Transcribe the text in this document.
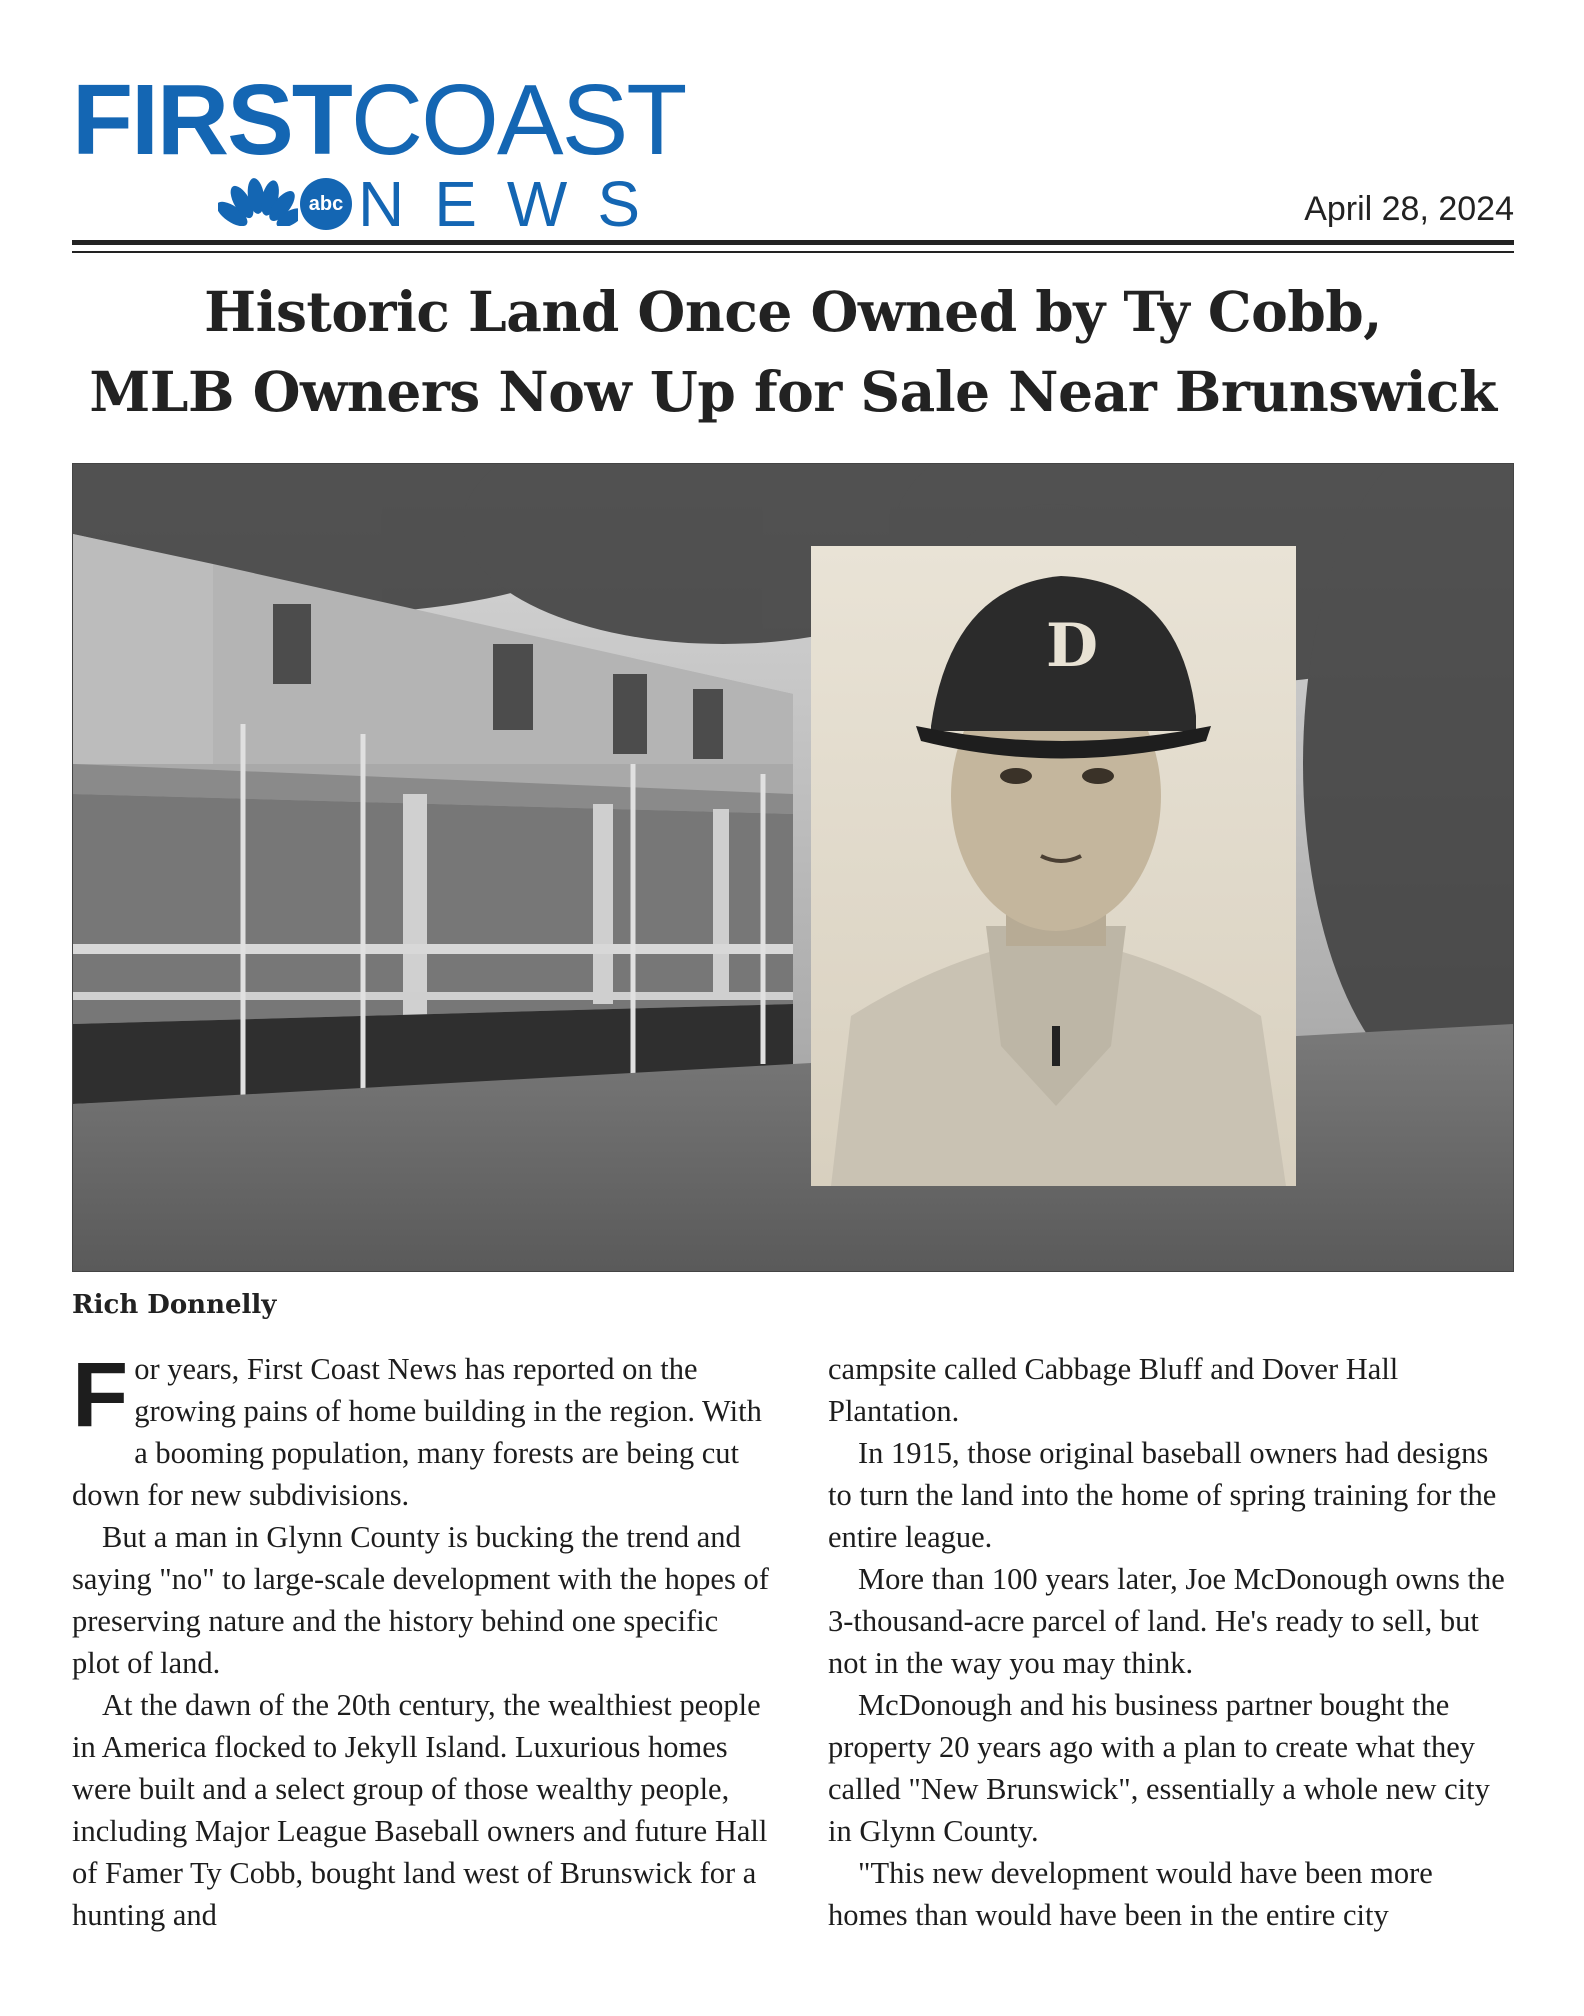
FIRSTCOAST
abc NEWS	April 28, 2024
Historic Land Once Owned by Ty Cobb,
MLB Owners Now Up for Sale Near Brunswick
D
Rich Donnelly

For years, First Coast News has reported on the growing pains of home building in the region. With a booming population, many forests are being cut down for new subdivisions.

But a man in Glynn County is bucking the trend and saying "no" to large-scale development with the hopes of preserving nature and the history behind one specific plot of land.

At the dawn of the 20th century, the wealthiest people in America flocked to Jekyll Island. Luxurious homes were built and a select group of those wealthy people, including Major League Baseball owners and future Hall of Famer Ty Cobb, bought land west of Brunswick for a hunting and

campsite called Cabbage Bluff and Dover Hall Plantation.

In 1915, those original baseball owners had designs to turn the land into the home of spring training for the entire league.

More than 100 years later, Joe McDonough owns the 3-thousand-acre parcel of land. He's ready to sell, but not in the way you may think.

McDonough and his business partner bought the property 20 years ago with a plan to create what they called "New Brunswick", essentially a whole new city in Glynn County.

"This new development would have been more homes than would have been in the entire city
